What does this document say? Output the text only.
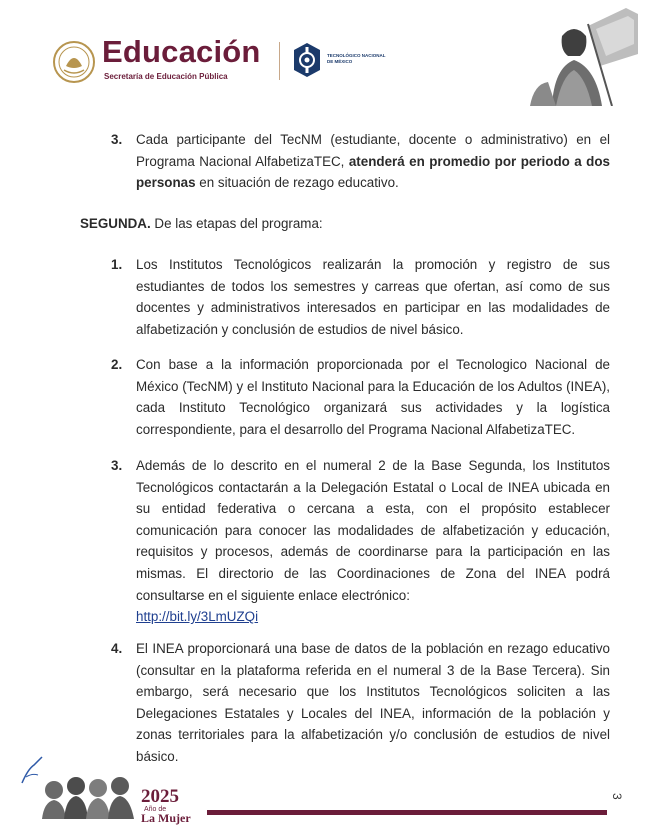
Educación
Secretaría de Educación Pública
TECNOLÓGICO NACIONAL DE MÉXICO
3. Cada participante del TecNM (estudiante, docente o administrativo) en el Programa Nacional AlfabetizaTEC, atenderá en promedio por periodo a dos personas en situación de rezago educativo.
SEGUNDA. De las etapas del programa:
1. Los Institutos Tecnológicos realizarán la promoción y registro de sus estudiantes de todos los semestres y carreas que ofertan, así como de sus docentes y administrativos interesados en participar en las modalidades de alfabetización y conclusión de estudios de nivel básico.
2. Con base a la información proporcionada por el Tecnologico Nacional de México (TecNM) y el Instituto Nacional para la Educación de los Adultos (INEA), cada Instituto Tecnológico organizará sus actividades y la logística correspondiente, para el desarrollo del Programa Nacional AlfabetizaTEC.
3. Además de lo descrito en el numeral 2 de la Base Segunda, los Institutos Tecnológicos contactarán a la Delegación Estatal o Local de INEA ubicada en su entidad federativa o cercana a esta, con el propósito establecer comunicación para conocer las modalidades de alfabetización y educación, requisitos y procesos, además de coordinarse para la participación en las mismas. El directorio de las Coordinaciones de Zona del INEA podrá consultarse en el siguiente enlace electrónico:
http://bit.ly/3LmUZQi
4. El INEA proporcionará una base de datos de la población en rezago educativo (consultar en la plataforma referida en el numeral 3 de la Base Tercera). Sin embargo, será necesario que los Institutos Tecnológicos soliciten a las Delegaciones Estatales y Locales del INEA, información de la población y zonas territoriales para la alfabetización y/o conclusión de estudios de nivel básico.
2025
Año de
La Mujer
3
